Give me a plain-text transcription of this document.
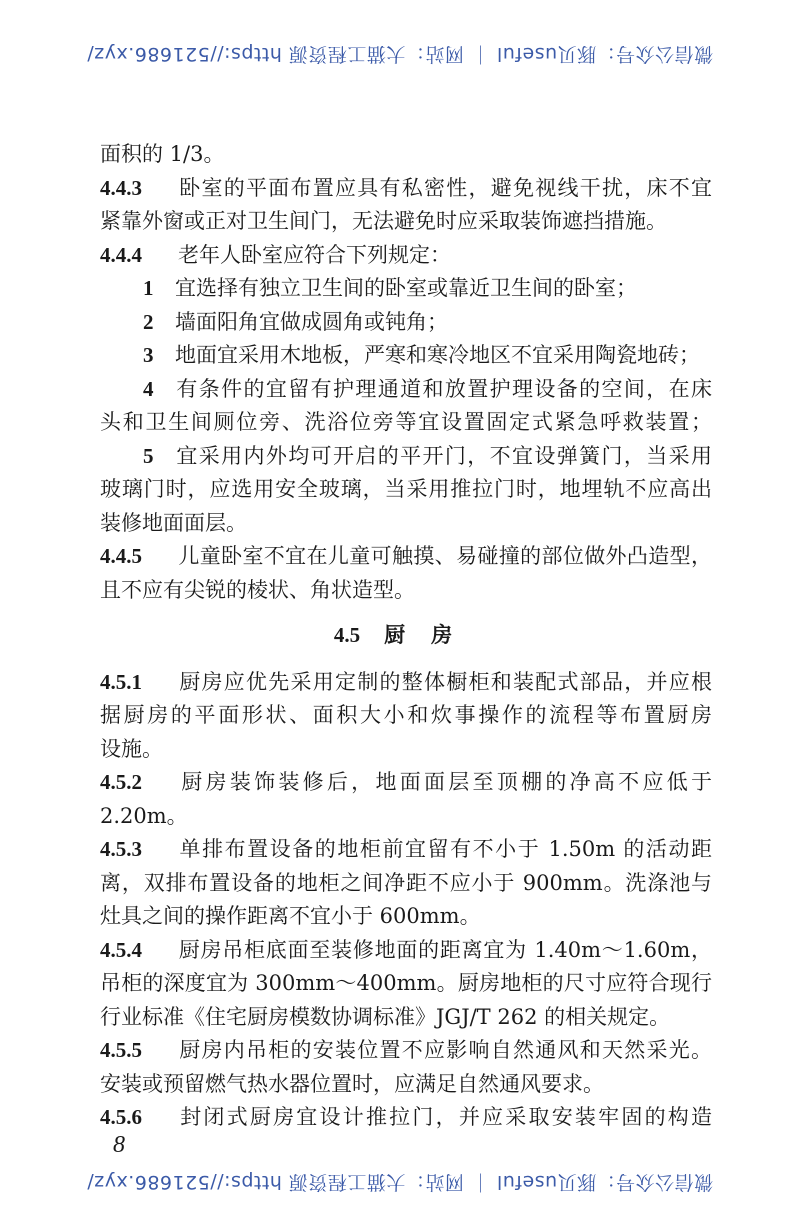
微信公众号：豚贝useful ｜ 网站：大猫工程资源 https://521686.xyz/
面积的 1/3。
4.4.3 卧室的平面布置应具有私密性，避免视线干扰，床不宜
紧靠外窗或正对卫生间门，无法避免时应采取装饰遮挡措施。
4.4.4 老年人卧室应符合下列规定：
1 宜选择有独立卫生间的卧室或靠近卫生间的卧室；
2 墙面阳角宜做成圆角或钝角；
3 地面宜采用木地板，严寒和寒冷地区不宜采用陶瓷地砖；
4 有条件的宜留有护理通道和放置护理设备的空间，在床
头和卫生间厕位旁、洗浴位旁等宜设置固定式紧急呼救装置；
5 宜采用内外均可开启的平开门，不宜设弹簧门，当采用
玻璃门时，应选用安全玻璃，当采用推拉门时，地埋轨不应高出
装修地面面层。
4.4.5 儿童卧室不宜在儿童可触摸、易碰撞的部位做外凸造型，
且不应有尖锐的棱状、角状造型。
4.5 厨房
4.5.1 厨房应优先采用定制的整体橱柜和装配式部品，并应根
据厨房的平面形状、面积大小和炊事操作的流程等布置厨房
设施。
4.5.2 厨房装饰装修后，地面面层至顶棚的净高不应低于
2.20m。
4.5.3 单排布置设备的地柜前宜留有不小于 1.50m 的活动距
离，双排布置设备的地柜之间净距不应小于 900mm。洗涤池与
灶具之间的操作距离不宜小于 600mm。
4.5.4 厨房吊柜底面至装修地面的距离宜为 1.40m～1.60m，
吊柜的深度宜为 300mm～400mm。厨房地柜的尺寸应符合现行
行业标准《住宅厨房模数协调标准》JGJ/T 262 的相关规定。
4.5.5 厨房内吊柜的安装位置不应影响自然通风和天然采光。
安装或预留燃气热水器位置时，应满足自然通风要求。
4.5.6 封闭式厨房宜设计推拉门，并应采取安装牢固的构造
8
微信公众号：豚贝useful ｜ 网站：大猫工程资源 https://521686.xyz/
